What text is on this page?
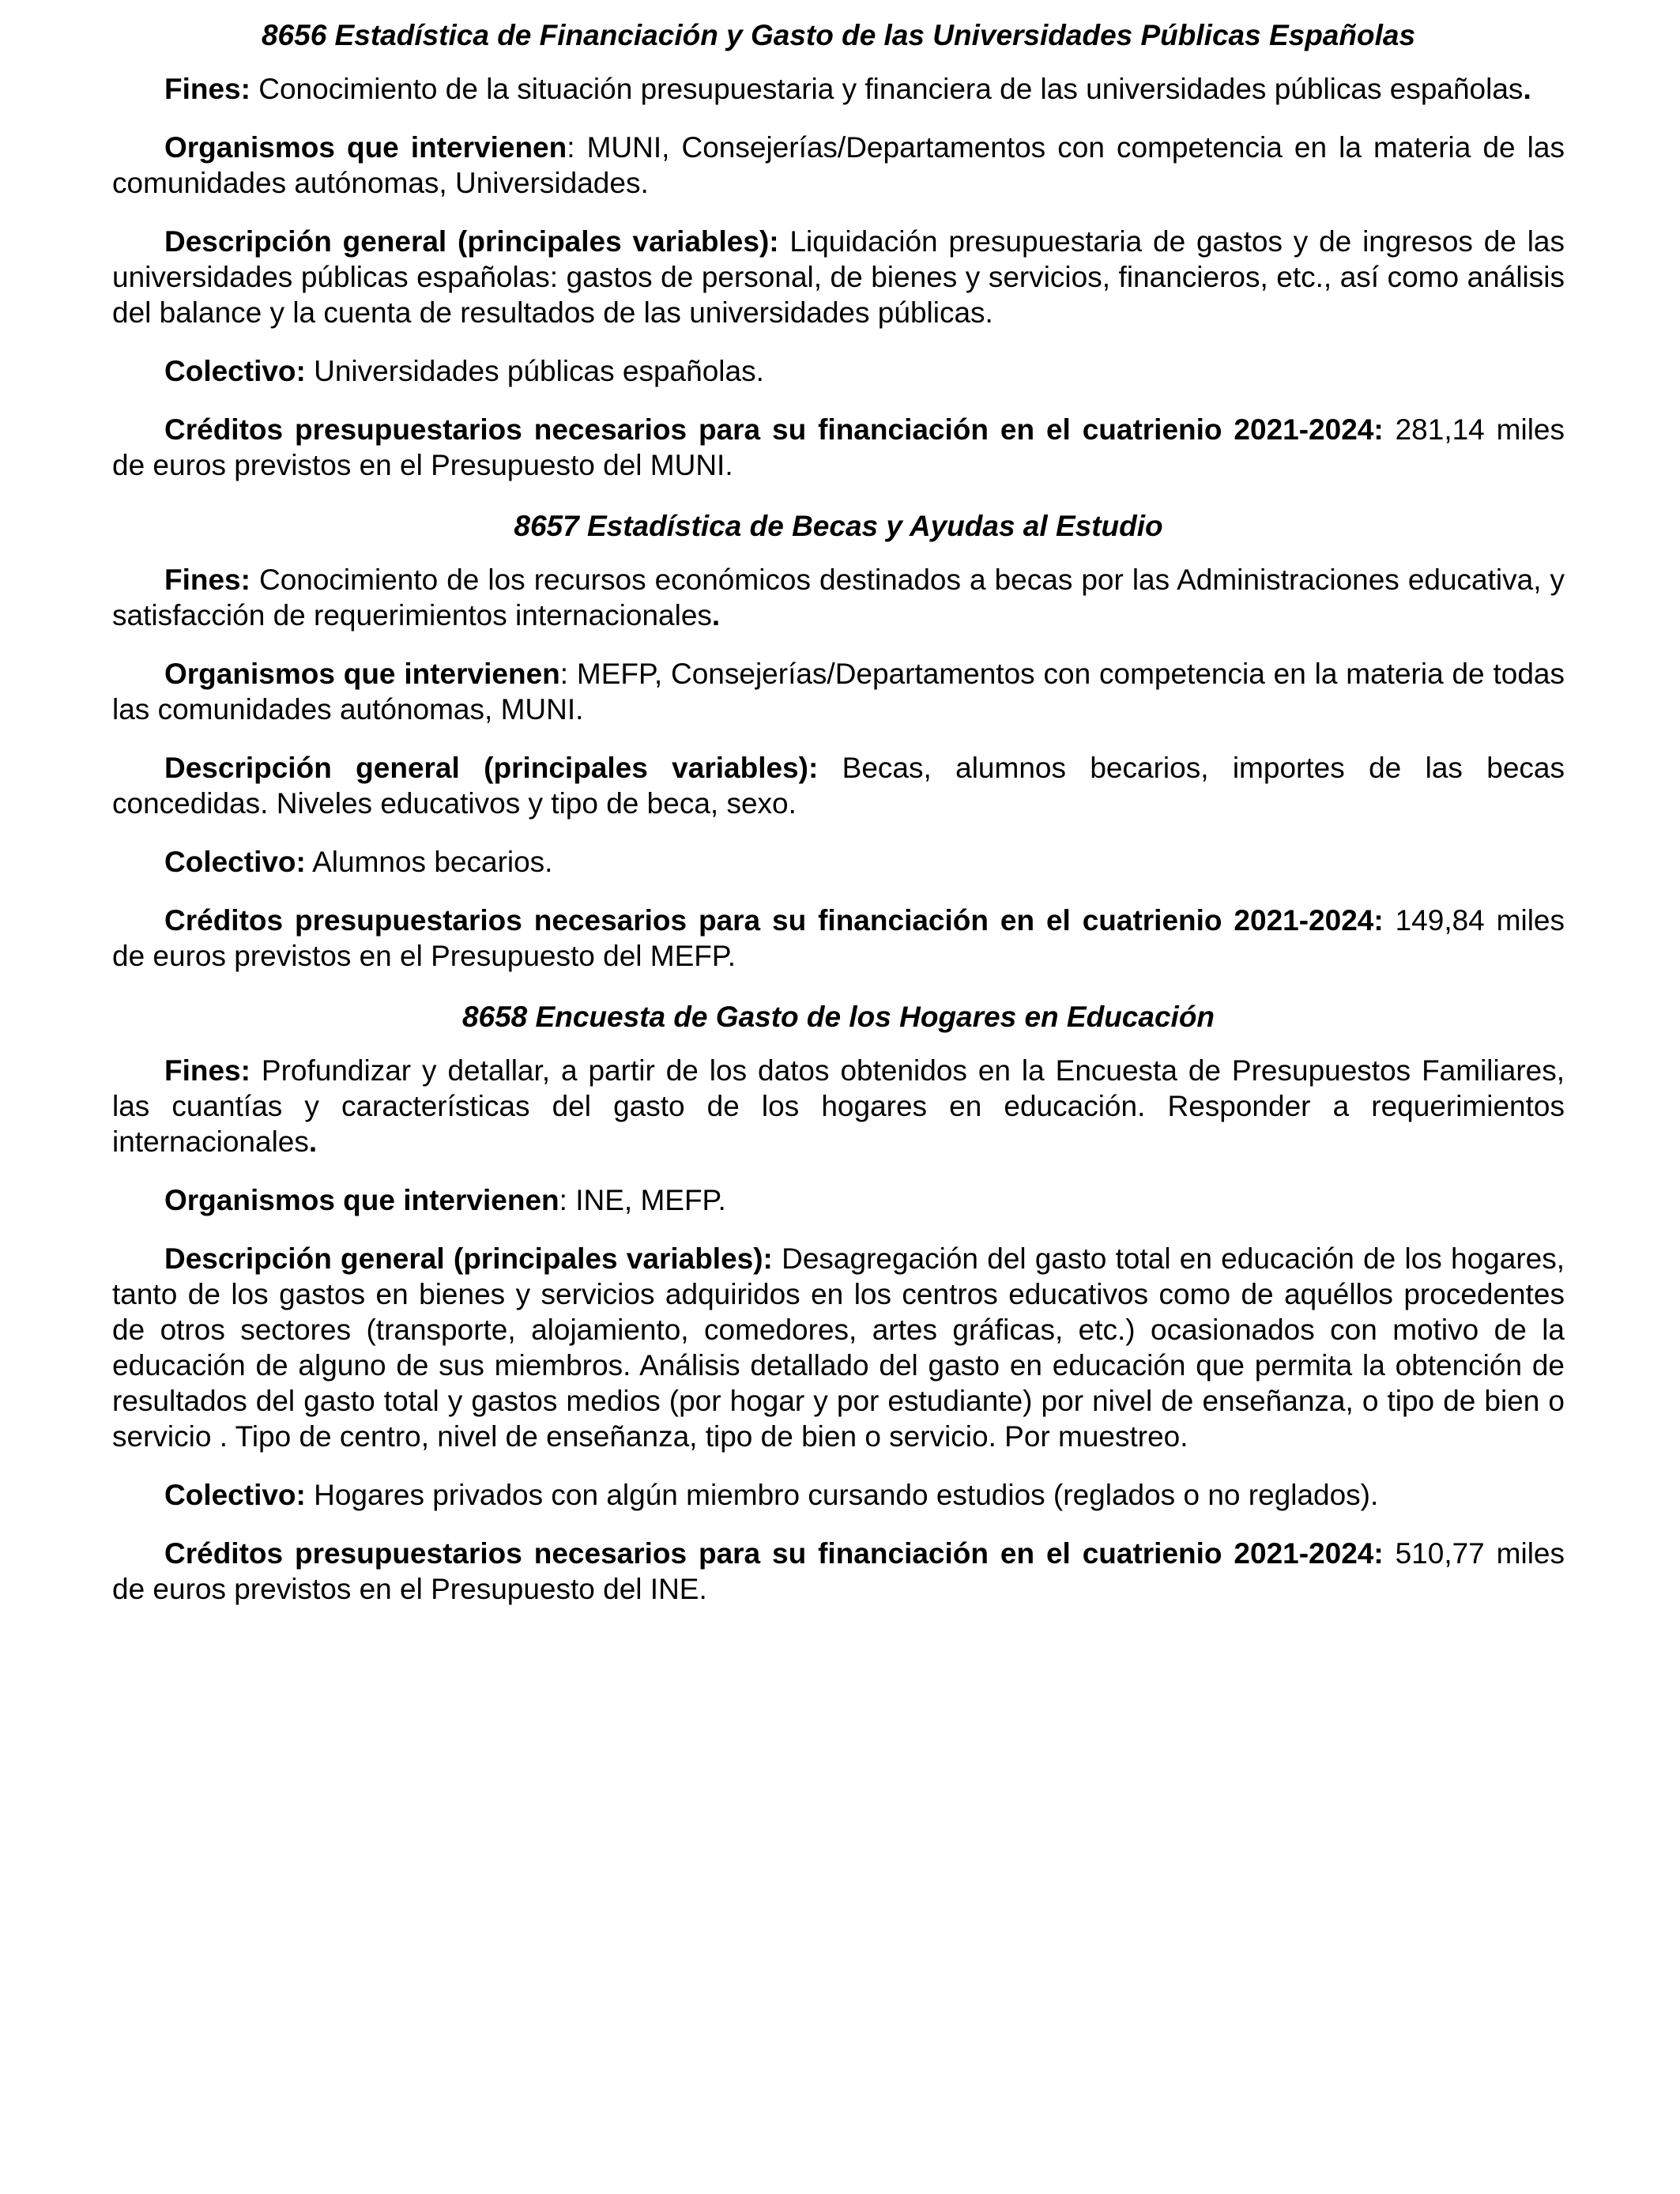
8656 Estadística de Financiación y Gasto de las Universidades Públicas Españolas

Fines: Conocimiento de la situación presupuestaria y financiera de las universidades públicas españolas.

Organismos que intervienen: MUNI, Consejerías/Departamentos con competencia en la materia de las comunidades autónomas, Universidades.

Descripción general (principales variables): Liquidación presupuestaria de gastos y de ingresos de las universidades públicas españolas: gastos de personal, de bienes y servicios, financieros, etc., así como análisis del balance y la cuenta de resultados de las universidades públicas.

Colectivo: Universidades públicas españolas.

Créditos presupuestarios necesarios para su financiación en el cuatrienio 2021-2024: 281,14 miles de euros previstos en el Presupuesto del MUNI.

8657 Estadística de Becas y Ayudas al Estudio

Fines: Conocimiento de los recursos económicos destinados a becas por las Administraciones educativa, y satisfacción de requerimientos internacionales.

Organismos que intervienen: MEFP, Consejerías/Departamentos con competencia en la materia de todas las comunidades autónomas, MUNI.

Descripción general (principales variables): Becas, alumnos becarios, importes de las becas concedidas. Niveles educativos y tipo de beca, sexo.

Colectivo: Alumnos becarios.

Créditos presupuestarios necesarios para su financiación en el cuatrienio 2021-2024: 149,84 miles de euros previstos en el Presupuesto del MEFP.

8658 Encuesta de Gasto de los Hogares en Educación

Fines: Profundizar y detallar, a partir de los datos obtenidos en la Encuesta de Presupuestos Familiares, las cuantías y características del gasto de los hogares en educación. Responder a requerimientos internacionales.

Organismos que intervienen: INE, MEFP.

Descripción general (principales variables): Desagregación del gasto total en educación de los hogares, tanto de los gastos en bienes y servicios adquiridos en los centros educativos como de aquéllos procedentes de otros sectores (transporte, alojamiento, comedores, artes gráficas, etc.) ocasionados con motivo de la educación de alguno de sus miembros. Análisis detallado del gasto en educación que permita la obtención de resultados del gasto total y gastos medios (por hogar y por estudiante) por nivel de enseñanza, o tipo de bien o servicio . Tipo de centro, nivel de enseñanza, tipo de bien o servicio. Por muestreo.

Colectivo: Hogares privados con algún miembro cursando estudios (reglados o no reglados).

Créditos presupuestarios necesarios para su financiación en el cuatrienio 2021-2024: 510,77 miles de euros previstos en el Presupuesto del INE.
